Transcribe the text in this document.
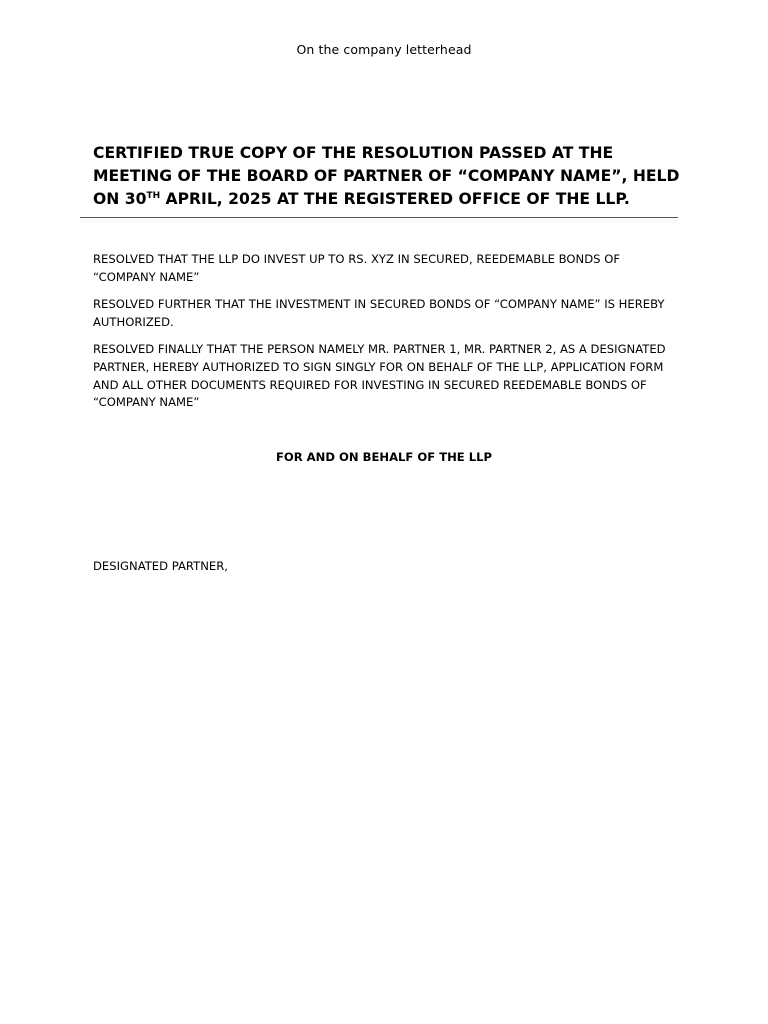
On the company letterhead
CERTIFIED TRUE COPY OF THE RESOLUTION PASSED AT THE MEETING OF THE BOARD OF PARTNER OF “COMPANY NAME”, HELD ON 30TH APRIL, 2025 AT THE REGISTERED OFFICE OF THE LLP.

RESOLVED THAT THE LLP DO INVEST UP TO RS. XYZ IN SECURED, REEDEMABLE BONDS OF “COMPANY NAME”

RESOLVED FURTHER THAT THE INVESTMENT IN SECURED BONDS OF “COMPANY NAME” IS HEREBY AUTHORIZED.

RESOLVED FINALLY THAT THE PERSON NAMELY MR. PARTNER 1, MR. PARTNER 2, AS A DESIGNATED PARTNER, HEREBY AUTHORIZED TO SIGN SINGLY FOR ON BEHALF OF THE LLP, APPLICATION FORM AND ALL OTHER DOCUMENTS REQUIRED FOR INVESTING IN SECURED REEDEMABLE BONDS OF “COMPANY NAME”

FOR AND ON BEHALF OF THE LLP
DESIGNATED PARTNER,
